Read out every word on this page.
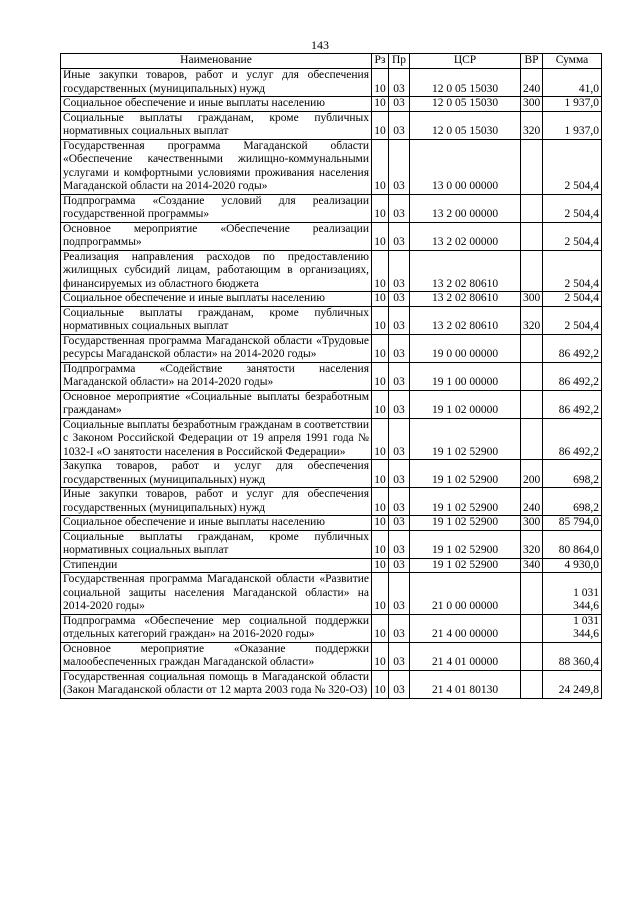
143
Наименование	Рз	Пр	ЦСР	ВР	Сумма
Иные закупки товаров, работ и услуг для обеспечения государственных (муниципальных) нужд	10	03	12 0 05 15030	240	41,0
Социальное обеспечение и иные выплаты населению	10	03	12 0 05 15030	300	1 937,0
Социальные выплаты гражданам, кроме публичных нормативных социальных выплат	10	03	12 0 05 15030	320	1 937,0
Государственная программа Магаданской области «Обеспечение качественными жилищно-коммунальными услугами и комфортными условиями проживания населения Магаданской области на 2014-2020 годы»	10	03	13 0 00 00000		2 504,4
Подпрограмма «Создание условий для реализации государственной программы»	10	03	13 2 00 00000		2 504,4
Основное мероприятие «Обеспечение реализации подпрограммы»	10	03	13 2 02 00000		2 504,4
Реализация направления расходов по предоставлению жилищных субсидий лицам, работающим в организациях, финансируемых из областного бюджета	10	03	13 2 02 80610		2 504,4
Социальное обеспечение и иные выплаты населению	10	03	13 2 02 80610	300	2 504,4
Социальные выплаты гражданам, кроме публичных нормативных социальных выплат	10	03	13 2 02 80610	320	2 504,4
Государственная программа Магаданской области «Трудовые ресурсы Магаданской области» на 2014-2020 годы»	10	03	19 0 00 00000		86 492,2
Подпрограмма «Содействие занятости населения Магаданской области» на 2014-2020 годы»	10	03	19 1 00 00000		86 492,2
Основное мероприятие «Социальные выплаты безработным гражданам»	10	03	19 1 02 00000		86 492,2
Социальные выплаты безработным гражданам в соответствии с Законом Российской Федерации от 19 апреля 1991 года № 1032-I «О занятости населения в Российской Федерации»	10	03	19 1 02 52900		86 492,2
Закупка товаров, работ и услуг для обеспечения государственных (муниципальных) нужд	10	03	19 1 02 52900	200	698,2
Иные закупки товаров, работ и услуг для обеспечения государственных (муниципальных) нужд	10	03	19 1 02 52900	240	698,2
Социальное обеспечение и иные выплаты населению	10	03	19 1 02 52900	300	85 794,0
Социальные выплаты гражданам, кроме публичных нормативных социальных выплат	10	03	19 1 02 52900	320	80 864,0
Стипендии	10	03	19 1 02 52900	340	4 930,0
Государственная программа Магаданской области «Развитие социальной защиты населения Магаданской области» на 2014-2020 годы»	10	03	21 0 00 00000		1 031 344,6
Подпрограмма «Обеспечение мер социальной поддержки отдельных категорий граждан» на 2016-2020 годы»	10	03	21 4 00 00000		1 031 344,6
Основное мероприятие «Оказание поддержки малообеспеченных граждан Магаданской области»	10	03	21 4 01 00000		88 360,4
Государственная социальная помощь в Магаданской области (Закон Магаданской области от 12 марта 2003 года № 320-ОЗ)	10	03	21 4 01 80130		24 249,8
